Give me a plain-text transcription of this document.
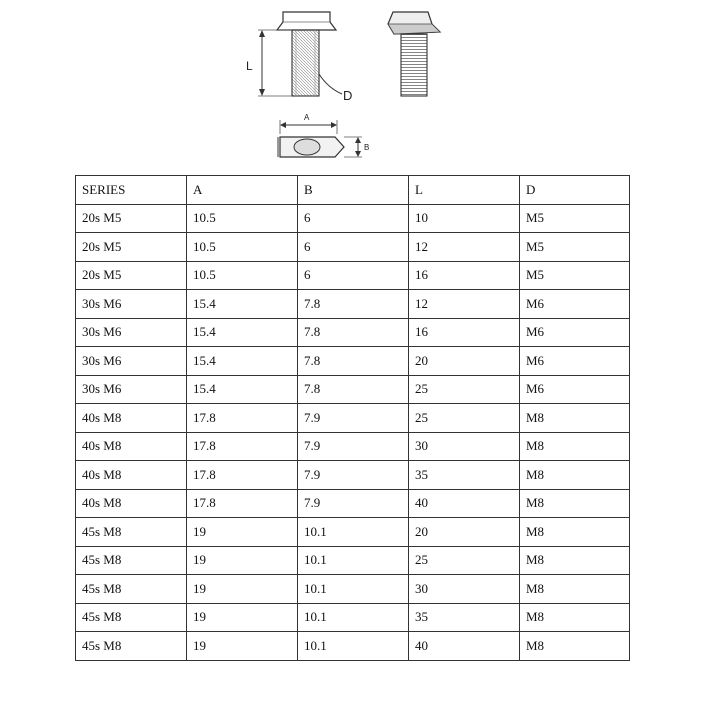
L
D
A
B
SERIES	A	B	L	D
20s M5	10.5	6	10	M5
20s M5	10.5	6	12	M5
20s M5	10.5	6	16	M5
30s M6	15.4	7.8	12	M6
30s M6	15.4	7.8	16	M6
30s M6	15.4	7.8	20	M6
30s M6	15.4	7.8	25	M6
40s M8	17.8	7.9	25	M8
40s M8	17.8	7.9	30	M8
40s M8	17.8	7.9	35	M8
40s M8	17.8	7.9	40	M8
45s M8	19	10.1	20	M8
45s M8	19	10.1	25	M8
45s M8	19	10.1	30	M8
45s M8	19	10.1	35	M8
45s M8	19	10.1	40	M8
